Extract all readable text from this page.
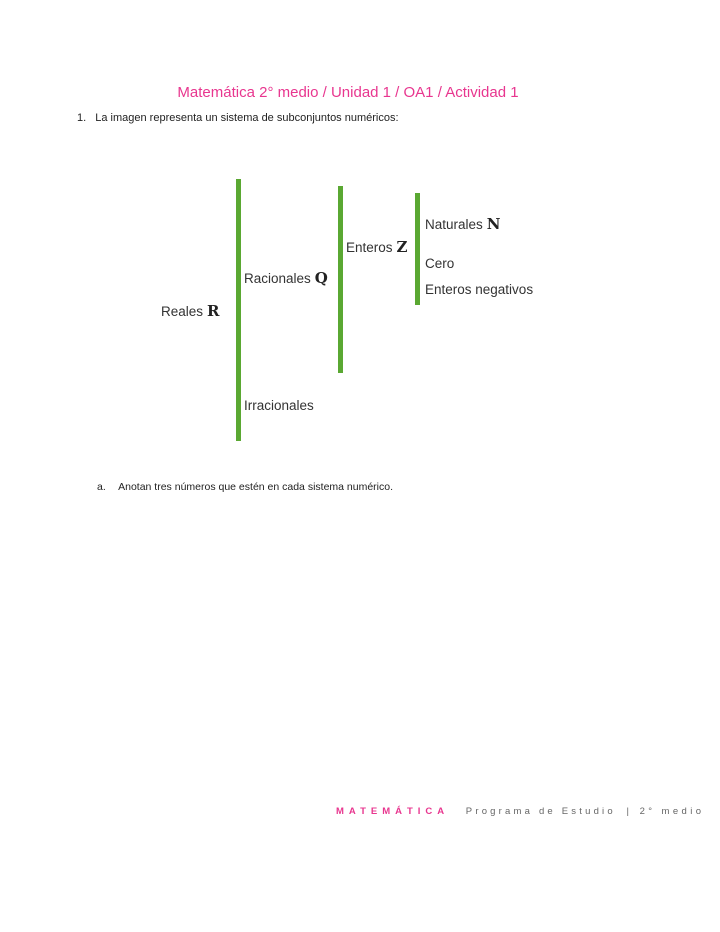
Matemática 2° medio / Unidad 1 / OA1 / Actividad 1
1. La imagen representa un sistema de subconjuntos numéricos:
Reales R
Racionales Q
Irracionales
Enteros Z
Naturales N
Cero
Enteros negativos
a. Anotan tres números que estén en cada sistema numérico.
MATEMÁTICA Programa de Estudio | 2° medio
